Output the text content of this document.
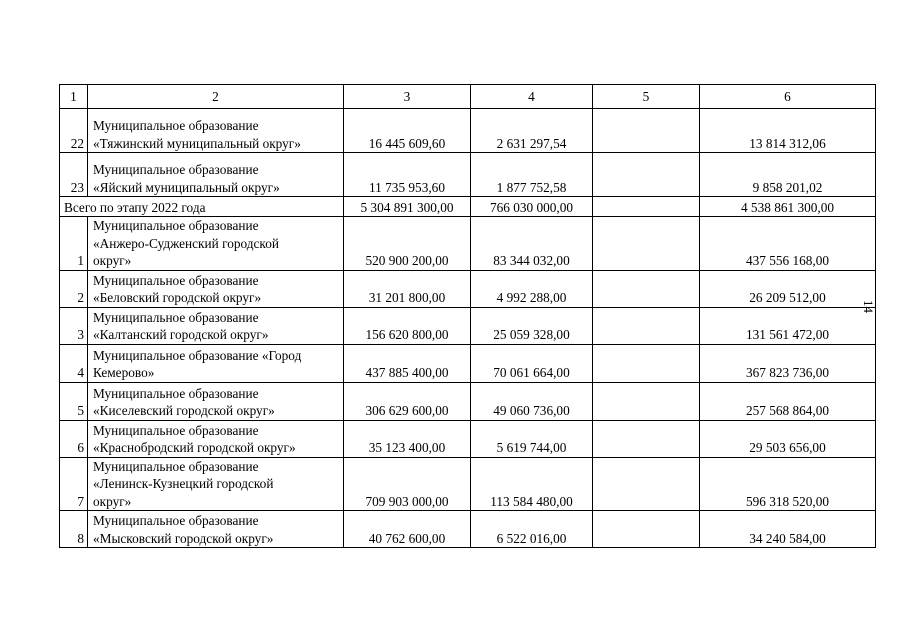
1	2	3	4	5	6
22	Муниципальное образование
«Тяжинский муниципальный округ»	16 445 609,60	2 631 297,54		13 814 312,06
23	Муниципальное образование
«Яйский муниципальный округ»	11 735 953,60	1 877 752,58		9 858 201,02
Всего по этапу 2022 года		5 304 891 300,00	766 030 000,00		4 538 861 300,00
1	Муниципальное образование
«Анжеро-Судженский городской
округ»	520 900 200,00	83 344 032,00		437 556 168,00
2	Муниципальное образование
«Беловский городской округ»	31 201 800,00	4 992 288,00		26 209 512,00
3	Муниципальное образование
«Калтанский городской округ»	156 620 800,00	25 059 328,00		131 561 472,00
4	Муниципальное образование «Город
Кемерово»	437 885 400,00	70 061 664,00		367 823 736,00
5	Муниципальное образование
«Киселевский городской округ»	306 629 600,00	49 060 736,00		257 568 864,00
6	Муниципальное образование
«Краснобродский городской округ»	35 123 400,00	5 619 744,00		29 503 656,00
7	Муниципальное образование
«Ленинск-Кузнецкий городской
округ»	709 903 000,00	113 584 480,00		596 318 520,00
8	Муниципальное образование
«Мысковский городской округ»	40 762 600,00	6 522 016,00		34 240 584,00
14
